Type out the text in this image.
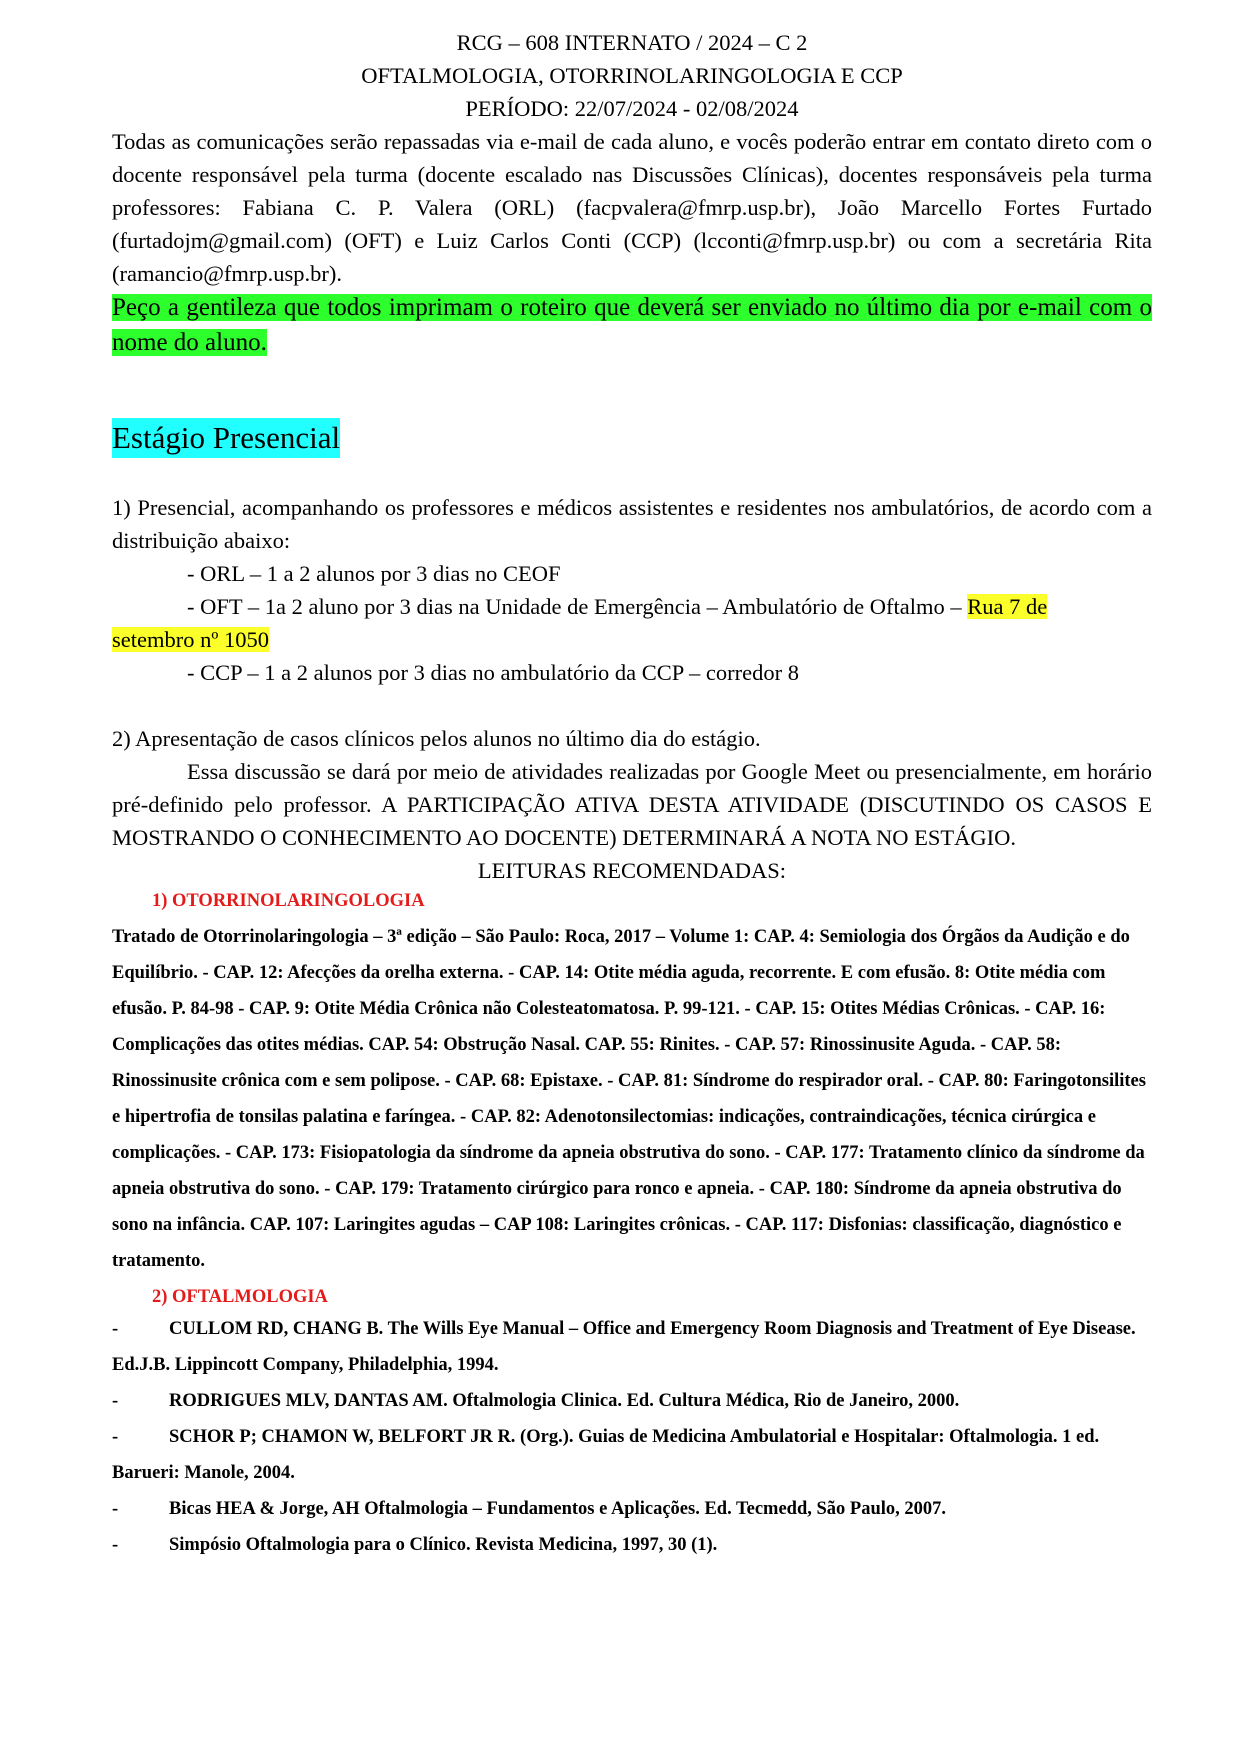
RCG – 608 INTERNATO / 2024 – C 2

OFTALMOLOGIA, OTORRINOLARINGOLOGIA E CCP

PERÍODO: 22/07/2024 - 02/08/2024

Todas as comunicações serão repassadas via e-mail de cada aluno, e vocês poderão entrar em contato direto com o docente responsável pela turma (docente escalado nas Discussões Clínicas), docentes responsáveis pela turma professores: Fabiana C. P. Valera (ORL) (facpvalera@fmrp.usp.br), João Marcello Fortes Furtado (furtadojm@gmail.com) (OFT) e Luiz Carlos Conti (CCP) (lcconti@fmrp.usp.br) ou com a secretária Rita (ramancio@fmrp.usp.br).

Peço a gentileza que todos imprimam o roteiro que deverá ser enviado no último dia por e-mail com o nome do aluno.

Estágio Presencial

1) Presencial, acompanhando os professores e médicos assistentes e residentes nos ambulatórios, de acordo com a distribuição abaixo:

- ORL – 1 a 2 alunos por 3 dias no CEOF

- OFT – 1a 2 aluno por 3 dias na Unidade de Emergência – Ambulatório de Oftalmo – Rua 7 de
setembro nº 1050

- CCP – 1 a 2 alunos por 3 dias no ambulatório da CCP – corredor 8

2) Apresentação de casos clínicos pelos alunos no último dia do estágio.

Essa discussão se dará por meio de atividades realizadas por Google Meet ou presencialmente, em horário pré-definido pelo professor. A PARTICIPAÇÃO ATIVA DESTA ATIVIDADE (DISCUTINDO OS CASOS E MOSTRANDO O CONHECIMENTO AO DOCENTE) DETERMINARÁ A NOTA NO ESTÁGIO.

LEITURAS RECOMENDADAS:

1) OTORRINOLARINGOLOGIA

Tratado de Otorrinolaringologia – 3ª edição – São Paulo: Roca, 2017 – Volume 1: CAP. 4: Semiologia dos Órgãos da Audição e do Equilíbrio. - CAP. 12: Afecções da orelha externa. - CAP. 14: Otite média aguda, recorrente. E com efusão. 8: Otite média com efusão. P. 84-98 - CAP. 9: Otite Média Crônica não Colesteatomatosa. P. 99-121. - CAP. 15: Otites Médias Crônicas. - CAP. 16: Complicações das otites médias. CAP. 54: Obstrução Nasal. CAP. 55: Rinites. - CAP. 57: Rinossinusite Aguda. - CAP. 58: Rinossinusite crônica com e sem polipose. - CAP. 68: Epistaxe. - CAP. 81: Síndrome do respirador oral. - CAP. 80: Faringotonsilites e hipertrofia de tonsilas palatina e faríngea. - CAP. 82: Adenotonsilectomias: indicações, contraindicações, técnica cirúrgica e complicações. - CAP. 173: Fisiopatologia da síndrome da apneia obstrutiva do sono. - CAP. 177: Tratamento clínico da síndrome da apneia obstrutiva do sono. - CAP. 179: Tratamento cirúrgico para ronco e apneia. - CAP. 180: Síndrome da apneia obstrutiva do sono na infância. CAP. 107: Laringites agudas – CAP 108: Laringites crônicas. - CAP. 117: Disfonias: classificação, diagnóstico e tratamento.

2) OFTALMOLOGIA

-	CULLOM RD, CHANG B. The Wills Eye Manual – Office and Emergency Room Diagnosis and Treatment of Eye Disease. Ed.J.B. Lippincott Company, Philadelphia, 1994.

-	RODRIGUES MLV, DANTAS AM. Oftalmologia Clinica. Ed. Cultura Médica, Rio de Janeiro, 2000.

-	SCHOR P; CHAMON W, BELFORT JR R. (Org.). Guias de Medicina Ambulatorial e Hospitalar: Oftalmologia. 1 ed. Barueri: Manole, 2004.

-	Bicas HEA & Jorge, AH Oftalmologia – Fundamentos e Aplicações. Ed. Tecmedd, São Paulo, 2007.

-	Simpósio Oftalmologia para o Clínico. Revista Medicina, 1997, 30 (1).
